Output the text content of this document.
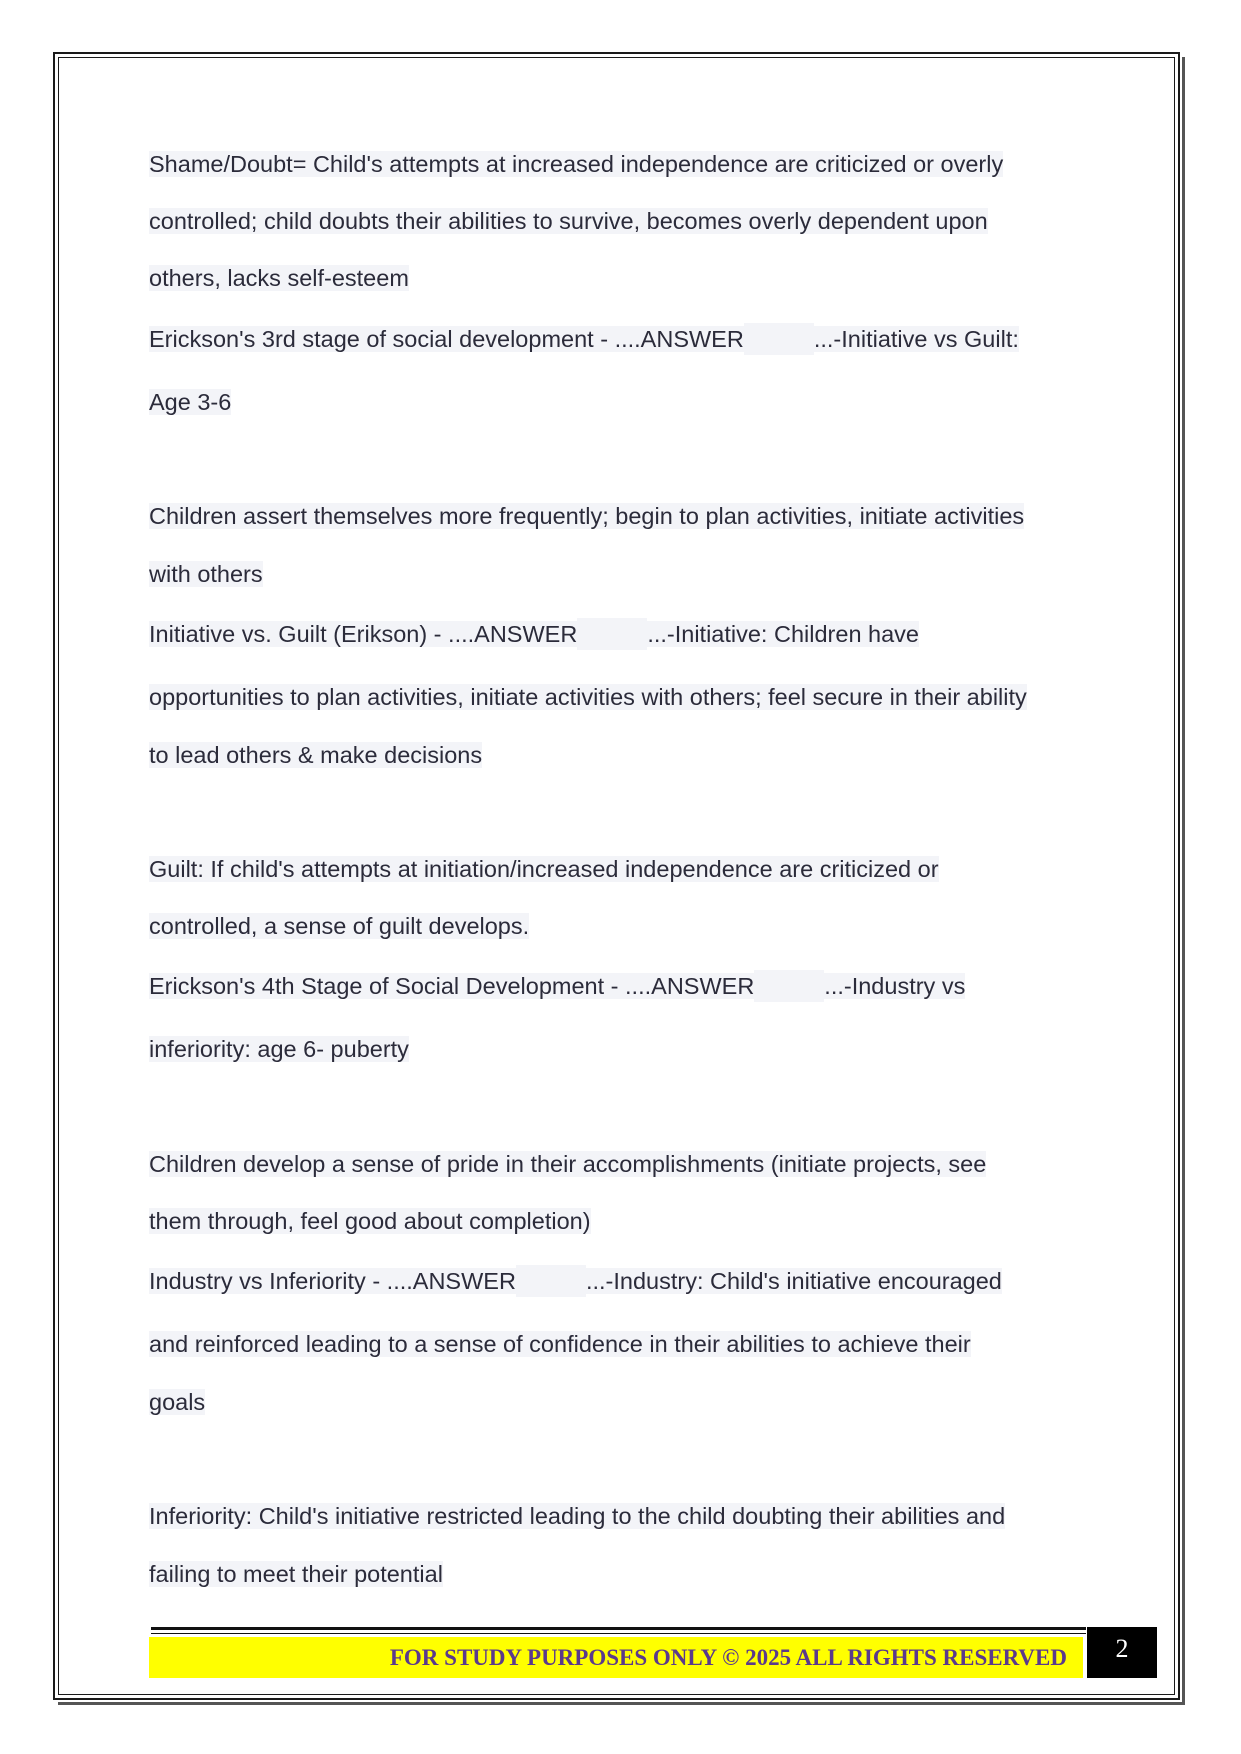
Shame/Doubt= Child's attempts at increased independence are criticized or overly
controlled; child doubts their abilities to survive, becomes overly dependent upon
others, lacks self-esteem
Erickson's 3rd stage of social development - ....ANSWER	...-Initiative vs Guilt:
Age 3-6
Children assert themselves more frequently; begin to plan activities, initiate activities
with others
Initiative vs. Guilt (Erikson) - ....ANSWER	...-Initiative: Children have
opportunities to plan activities, initiate activities with others; feel secure in their ability
to lead others & make decisions
Guilt: If child's attempts at initiation/increased independence are criticized or
controlled, a sense of guilt develops.
Erickson's 4th Stage of Social Development - ....ANSWER	...-Industry vs
inferiority: age 6- puberty
Children develop a sense of pride in their accomplishments (initiate projects, see
them through, feel good about completion)
Industry vs Inferiority - ....ANSWER	...-Industry: Child's initiative encouraged
and reinforced leading to a sense of confidence in their abilities to achieve their
goals
Inferiority: Child's initiative restricted leading to the child doubting their abilities and
failing to meet their potential
FOR STUDY PURPOSES ONLY © 2025 ALL RIGHTS RESERVED	2
